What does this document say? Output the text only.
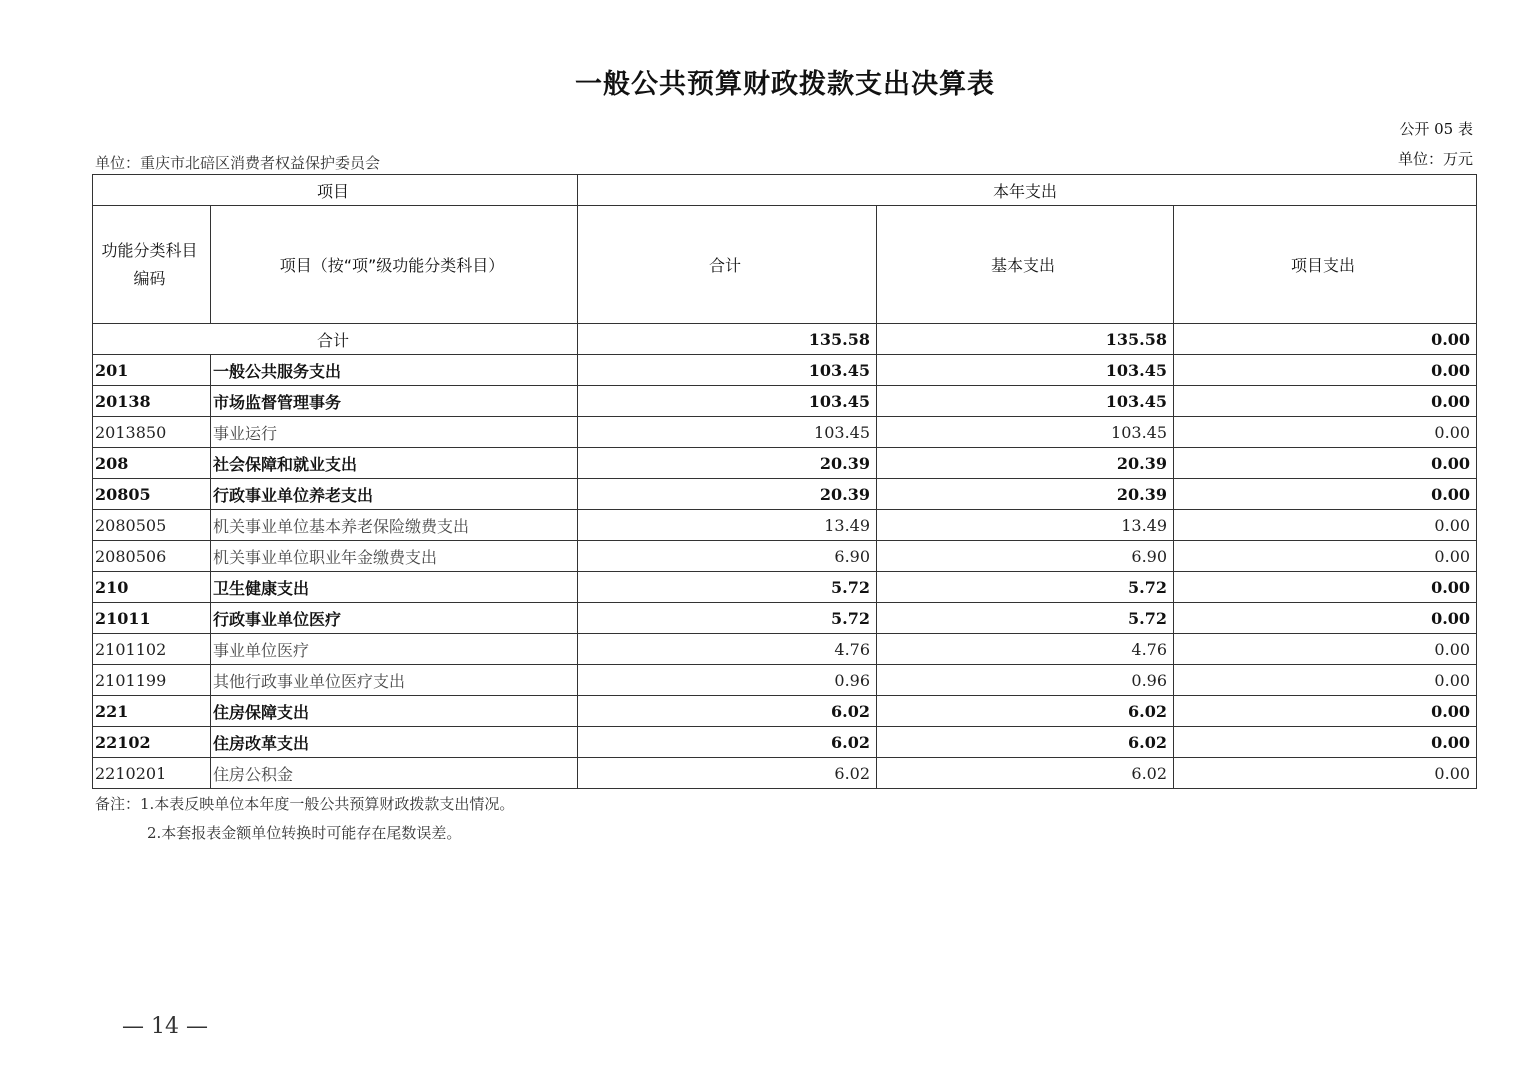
一般公共预算财政拨款支出决算表
公开 05 表
单位：重庆市北碚区消费者权益保护委员会	单位：万元
项目		本年支出		

功能分类科目
编码	项目（按“项”级功能分类科目）	合计	基本支出	项目支出
合计		135.58	135.58	0.00
201	一般公共服务支出	103.45	103.45	0.00
20138	市场监督管理事务	103.45	103.45	0.00
2013850	事业运行	103.45	103.45	0.00
208	社会保障和就业支出	20.39	20.39	0.00
20805	行政事业单位养老支出	20.39	20.39	0.00
2080505	机关事业单位基本养老保险缴费支出	13.49	13.49	0.00
2080506	机关事业单位职业年金缴费支出	6.90	6.90	0.00
210	卫生健康支出	5.72	5.72	0.00
21011	行政事业单位医疗	5.72	5.72	0.00
2101102	事业单位医疗	4.76	4.76	0.00
2101199	其他行政事业单位医疗支出	0.96	0.96	0.00
221	住房保障支出	6.02	6.02	0.00
22102	住房改革支出	6.02	6.02	0.00
2210201	住房公积金	6.02	6.02	0.00
备注：1.本表反映单位本年度一般公共预算财政拨款支出情况。
2.本套报表金额单位转换时可能存在尾数误差。
— 14 —
